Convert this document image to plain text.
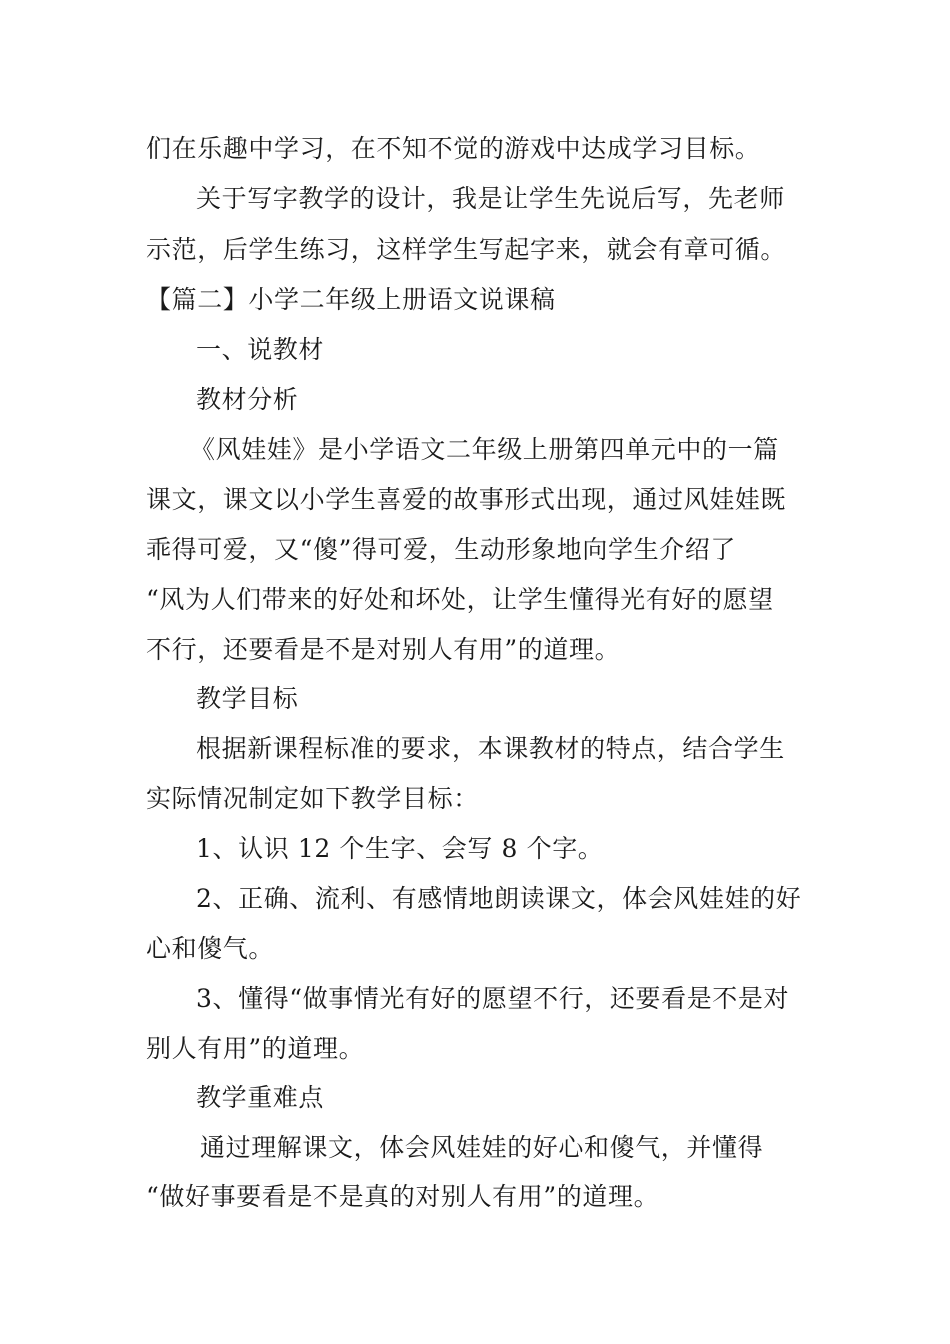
们在乐趣中学习，在不知不觉的游戏中达成学习目标。
关于写字教学的设计，我是让学生先说后写，先老师
示范，后学生练习，这样学生写起字来，就会有章可循。
【篇二】小学二年级上册语文说课稿
一、说教材
教材分析
《风娃娃》是小学语文二年级上册第四单元中的一篇
课文，课文以小学生喜爱的故事形式出现，通过风娃娃既
乖得可爱，又“傻”得可爱，生动形象地向学生介绍了
“风为人们带来的好处和坏处，让学生懂得光有好的愿望
不行，还要看是不是对别人有用”的道理。
教学目标
根据新课程标准的要求，本课教材的特点，结合学生
实际情况制定如下教学目标：
1、认识 12 个生字、会写 8 个字。
2、正确、流利、有感情地朗读课文，体会风娃娃的好
心和傻气。
3、懂得“做事情光有好的愿望不行，还要看是不是对
别人有用”的道理。
教学重难点
通过理解课文，体会风娃娃的好心和傻气，并懂得
“做好事要看是不是真的对别人有用”的道理。
